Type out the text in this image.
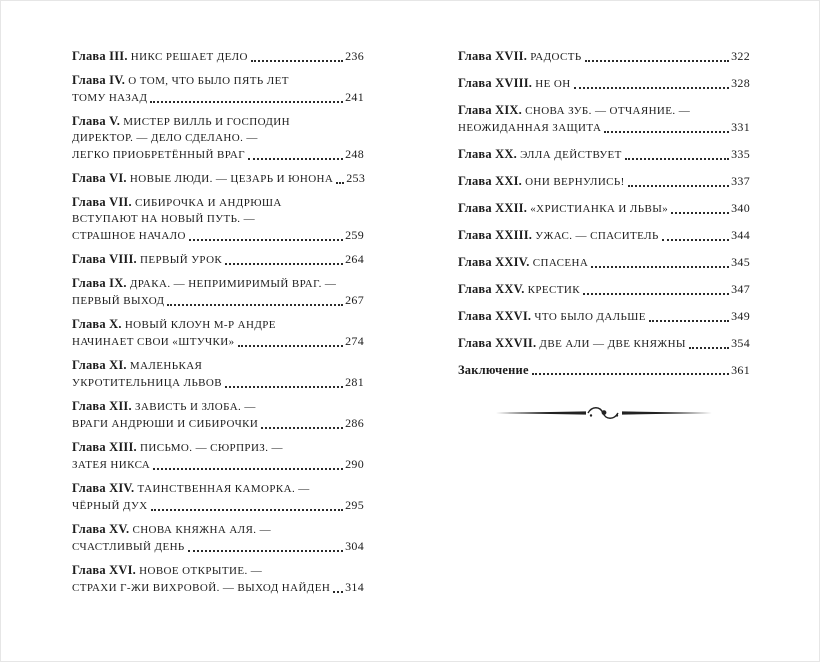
Глава III. НИКС РЕШАЕТ ДЕЛО	236
Глава IV. О ТОМ, ЧТО БЫЛО ПЯТЬ ЛЕТ
ТОМУ НАЗАД	241
Глава V. МИСТЕР ВИЛЛЬ И ГОСПОДИН
ДИРЕКТОР. — ДЕЛО СДЕЛАНО. —
ЛЕГКО ПРИОБРЕТЁННЫЙ ВРАГ	248
Глава VI. НОВЫЕ ЛЮДИ. — ЦЕЗАРЬ И ЮНОНА 253
Глава VII. СИБИРОЧКА И АНДРЮША
ВСТУПАЮТ НА НОВЫЙ ПУТЬ. —
СТРАШНОЕ НАЧАЛО	259
Глава VIII. ПЕРВЫЙ УРОК	264
Глава IX. ДРАКА. — НЕПРИМИРИМЫЙ ВРАГ. —
ПЕРВЫЙ ВЫХОД	267
Глава X. НОВЫЙ КЛОУН М-Р АНДРЕ
НАЧИНАЕТ СВОИ «ШТУЧКИ»	274
Глава XI. МАЛЕНЬКАЯ
УКРОТИТЕЛЬНИЦА ЛЬВОВ	281
Глава XII. ЗАВИСТЬ И ЗЛОБА. —
ВРАГИ АНДРЮШИ И СИБИРОЧКИ	286
Глава XIII. ПИСЬМО. — СЮРПРИЗ. —
ЗАТЕЯ НИКСА	290
Глава XIV. ТАИНСТВЕННАЯ КАМОРКА. —
ЧЁРНЫЙ ДУХ	295
Глава XV. СНОВА КНЯЖНА АЛЯ. —
СЧАСТЛИВЫЙ ДЕНЬ	304
Глава XVI. НОВОЕ ОТКРЫТИЕ. —
СТРАХИ Г-ЖИ ВИХРОВОЙ. — ВЫХОД НАЙДЕН 314
Глава XVII. РАДОСТЬ	322
Глава XVIII. НЕ ОН	328
Глава XIX. СНОВА ЗУБ. — ОТЧАЯНИЕ. —
НЕОЖИДАННАЯ ЗАЩИТА	331
Глава XX. ЭЛЛА ДЕЙСТВУЕТ	335
Глава XXI. ОНИ ВЕРНУЛИСЬ!	337
Глава XXII. «ХРИСТИАНКА И ЛЬВЫ»	340
Глава XXIII. УЖАС. — СПАСИТЕЛЬ	344
Глава XXIV. СПАСЕНА	345
Глава XXV. КРЕСТИК	347
Глава XXVI. ЧТО БЫЛО ДАЛЬШЕ	349
Глава XXVII. ДВЕ АЛИ — ДВЕ КНЯЖНЫ	354
Заключение	361
